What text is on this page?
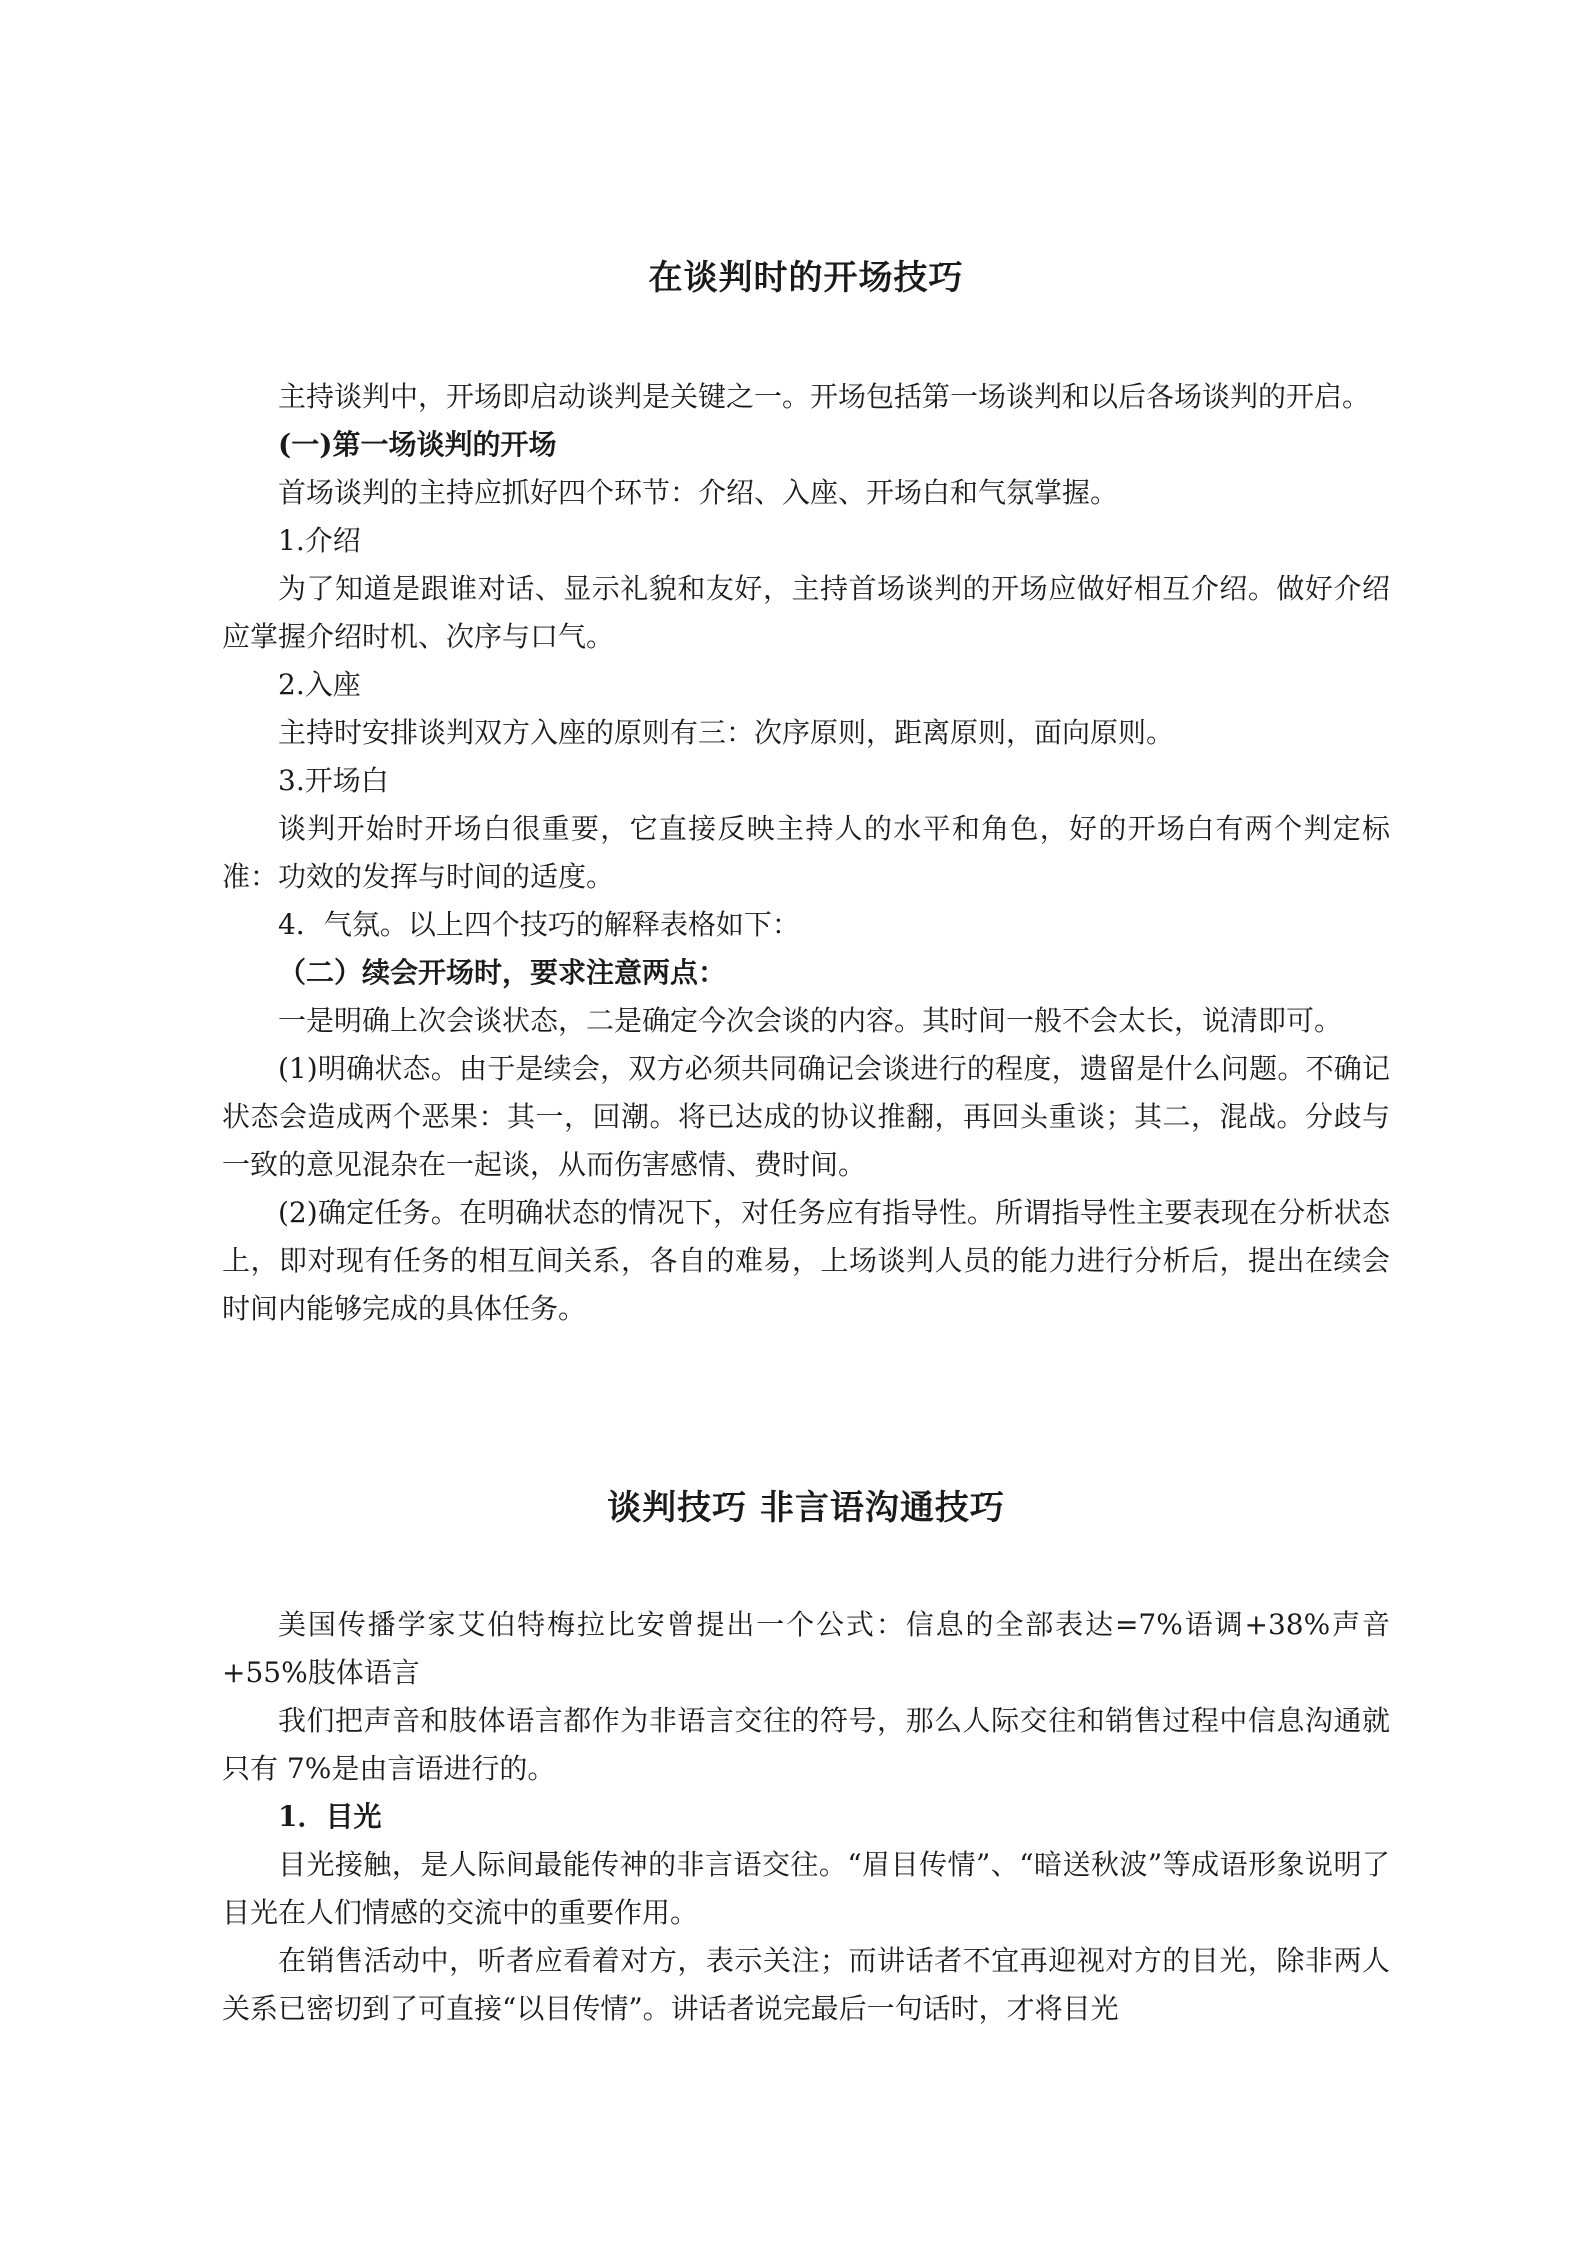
在谈判时的开场技巧

主持谈判中，开场即启动谈判是关键之一。开场包括第一场谈判和以后各场谈判的开启。

(一)第一场谈判的开场

首场谈判的主持应抓好四个环节：介绍、入座、开场白和气氛掌握。

1.介绍

为了知道是跟谁对话、显示礼貌和友好，主持首场谈判的开场应做好相互介绍。做好介绍应掌握介绍时机、次序与口气。

2.入座

主持时安排谈判双方入座的原则有三：次序原则，距离原则，面向原则。

3.开场白

谈判开始时开场白很重要，它直接反映主持人的水平和角色，好的开场白有两个判定标准：功效的发挥与时间的适度。

4．气氛。以上四个技巧的解释表格如下：

（二）续会开场时，要求注意两点：

一是明确上次会谈状态，二是确定今次会谈的内容。其时间一般不会太长，说清即可。

(1)明确状态。由于是续会，双方必须共同确记会谈进行的程度，遗留是什么问题。不确记状态会造成两个恶果：其一，回潮。将已达成的协议推翻，再回头重谈；其二，混战。分歧与一致的意见混杂在一起谈，从而伤害感情、费时间。

(2)确定任务。在明确状态的情况下，对任务应有指导性。所谓指导性主要表现在分析状态上，即对现有任务的相互间关系，各自的难易，上场谈判人员的能力进行分析后，提出在续会时间内能够完成的具体任务。

谈判技巧 非言语沟通技巧

美国传播学家艾伯特梅拉比安曾提出一个公式：信息的全部表达=7%语调+38%声音+55%肢体语言

我们把声音和肢体语言都作为非语言交往的符号，那么人际交往和销售过程中信息沟通就只有 7%是由言语进行的。

1．目光

目光接触，是人际间最能传神的非言语交往。“眉目传情”、“暗送秋波”等成语形象说明了目光在人们情感的交流中的重要作用。

在销售活动中，听者应看着对方，表示关注；而讲话者不宜再迎视对方的目光，除非两人关系已密切到了可直接“以目传情”。讲话者说完最后一句话时，才将目光
